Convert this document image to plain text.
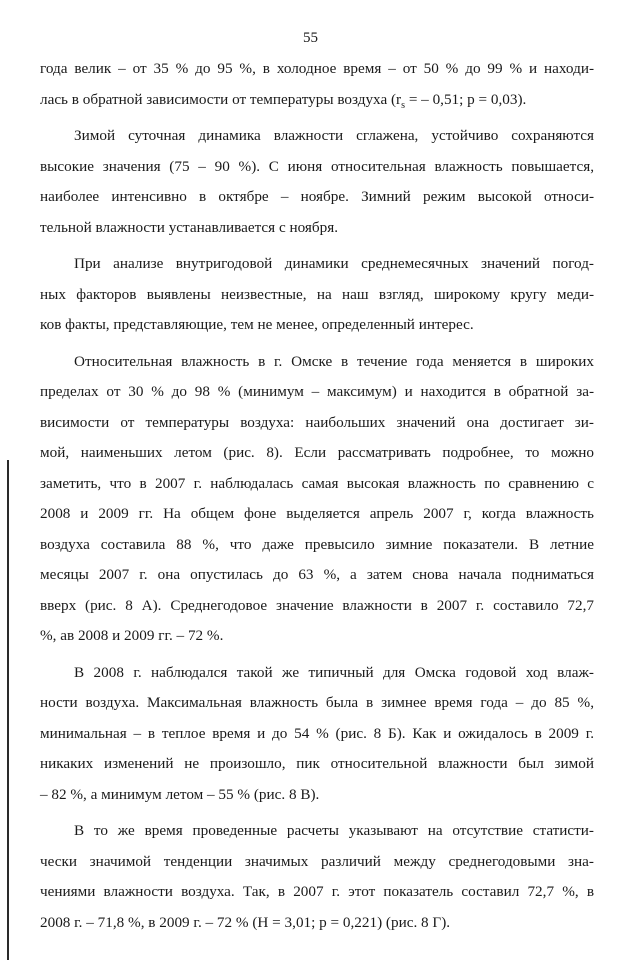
55
года велик – от 35 % до 95 %, в холодное время – от 50 % до 99 % и находи-
лась в обратной зависимости от температуры воздуха ($r_s$ = – 0,51; p = 0,03).
Зимой суточная динамика влажности сглажена, устойчиво сохраняются
высокие значения (75 – 90 %). С июня относительная влажность повышается,
наиболее интенсивно в октябре – ноябре. Зимний режим высокой относи-
тельной влажности устанавливается с ноября.
При анализе внутригодовой динамики среднемесячных значений погод-
ных факторов выявлены неизвестные, на наш взгляд, широкому кругу меди-
ков факты, представляющие, тем не менее, определенный интерес.
Относительная влажность в г. Омске в течение года меняется в широких
пределах от 30 % до 98 % (минимум – максимум) и находится в обратной за-
висимости от температуры воздуха: наибольших значений она достигает зи-
мой, наименьших летом (рис. 8). Если рассматривать подробнее, то можно
заметить, что в 2007 г. наблюдалась самая высокая влажность по сравнению с
2008 и 2009 гг. На общем фоне выделяется апрель 2007 г, когда влажность
воздуха составила 88 %, что даже превысило зимние показатели. В летние
месяцы 2007 г. она опустилась до 63 %, а затем снова начала подниматься
вверх (рис. 8 А). Среднегодовое значение влажности в 2007 г. составило 72,7
%, ав 2008 и 2009 гг. – 72 %.
В 2008 г. наблюдался такой же типичный для Омска годовой ход влаж-
ности воздуха. Максимальная влажность была в зимнее время года – до 85 %,
минимальная – в теплое время и до 54 % (рис. 8 Б). Как и ожидалось в 2009 г.
никаких изменений не произошло, пик относительной влажности был зимой
– 82 %, а минимум летом – 55 % (рис. 8 В).
В то же время проведенные расчеты указывают на отсутствие статисти-
чески значимой тенденции значимых различий между среднегодовыми зна-
чениями влажности воздуха. Так, в 2007 г. этот показатель составил 72,7 %, в
2008 г. – 71,8 %, в 2009 г. – 72 % (H = 3,01; p = 0,221) (рис. 8 Г).
